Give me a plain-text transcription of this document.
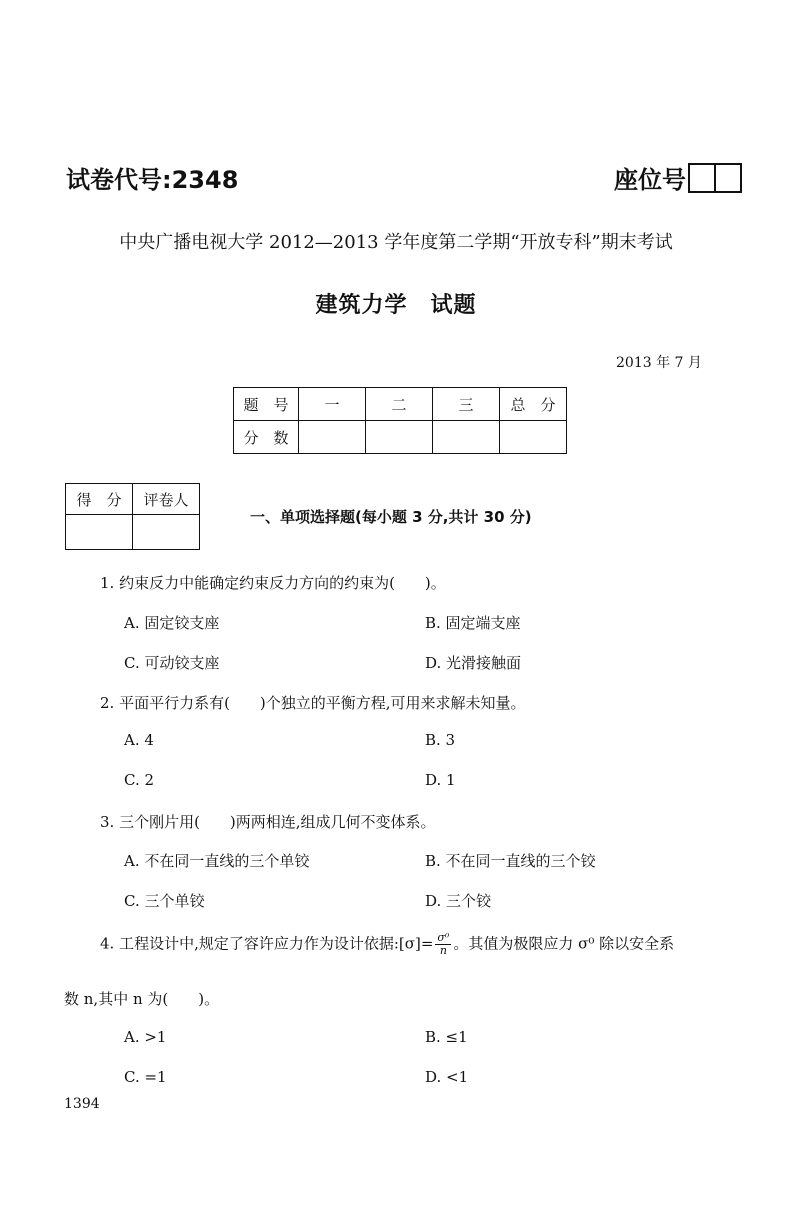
试卷代号:2348	座位号
中央广播电视大学 2012—2013 学年度第二学期“开放专科”期末考试
建筑力学　试题
2013 年 7 月
题　号	一	二	三	总　分
分　数				
得　分	评卷人

一、单项选择题(每小题 3 分,共计 30 分)
1. 约束反力中能确定约束反力方向的约束为(　　)。
A. 固定铰支座	B. 固定端支座
C. 可动铰支座	D. 光滑接触面
2. 平面平行力系有(　　)个独立的平衡方程,可用来求解未知量。
A. 4	B. 3
C. 2	D. 1
3. 三个刚片用(　　)两两相连,组成几何不变体系。
A. 不在同一直线的三个单铰	B. 不在同一直线的三个铰
C. 三个单铰	D. 三个铰
4. 工程设计中,规定了容许应力作为设计依据:[σ]= $\frac{\text{σ⁰}}{n}$ 。其值为极限应力 σ⁰ 除以安全系
数 n,其中 n 为(　　)。
A. >1	B. ≤1
C. =1	D. <1
1394
